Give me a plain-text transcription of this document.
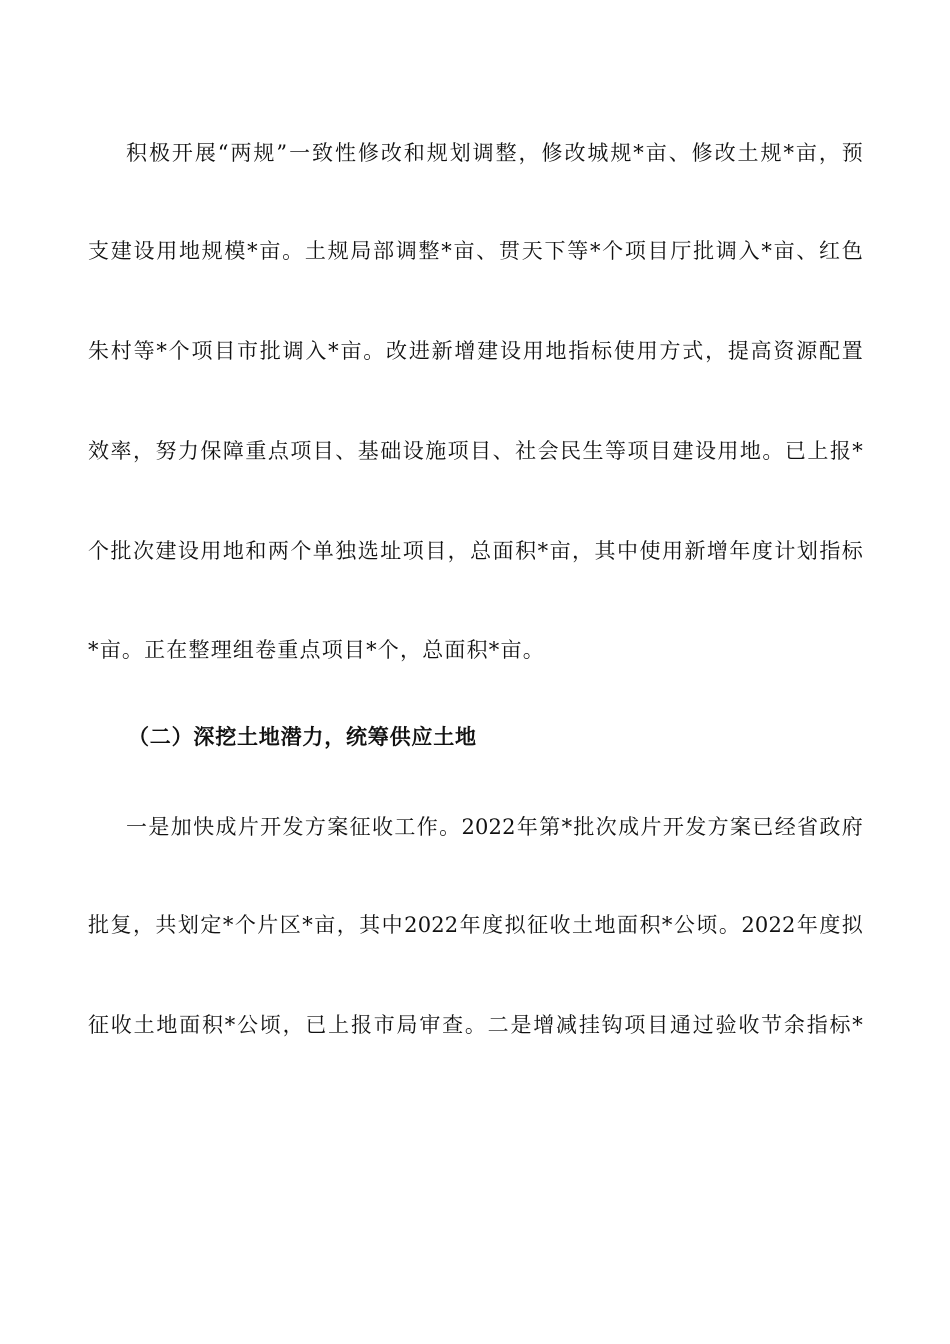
积极开展“两规”一致性修改和规划调整，修改城规*亩、修改土规*亩，预
支建设用地规模*亩。土规局部调整*亩、贯天下等*个项目厅批调入*亩、红色
朱村等*个项目市批调入*亩。改进新增建设用地指标使用方式，提高资源配置
效率，努力保障重点项目、基础设施项目、社会民生等项目建设用地。已上报*
个批次建设用地和两个单独选址项目，总面积*亩，其中使用新增年度计划指标
*亩。正在整理组卷重点项目*个，总面积*亩。
（二）深挖土地潜力，统筹供应土地
一是加快成片开发方案征收工作。2022年第*批次成片开发方案已经省政府
批复，共划定*个片区*亩，其中2022年度拟征收土地面积*公顷。2022年度拟
征收土地面积*公顷，已上报市局审查。二是增减挂钩项目通过验收节余指标*
